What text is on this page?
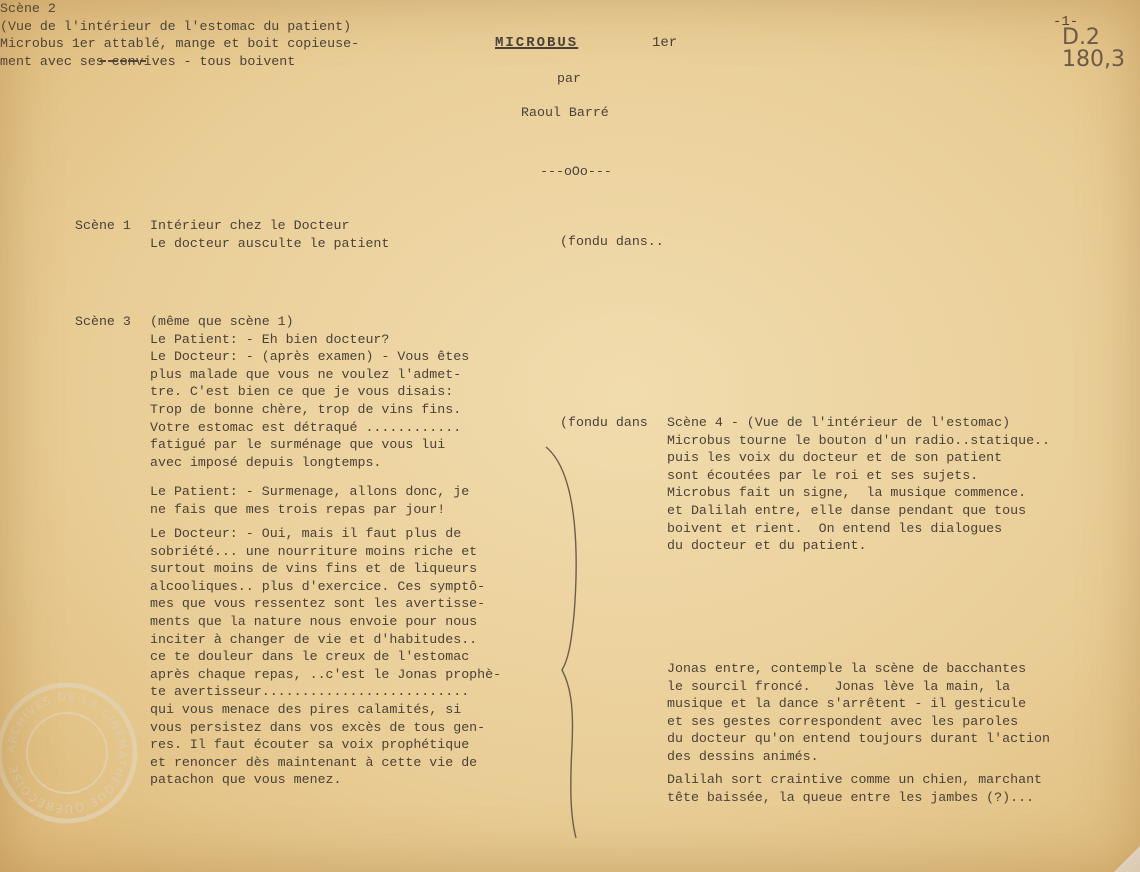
-1-
D.2
180,3
MICROBUS	1er
par
Raoul Barré
---oOo---
Scène 1 Intérieur chez le Docteur
Le docteur ausculte le patient	(fondu dans..
Scène 2
(Vue de l'intérieur de l'estomac du patient)
Microbus 1er attablé, mange et boit copieuse-
ment avec ses convives - tous boivent
Scène 3 (même que scène 1)
Le Patient: - Eh bien docteur?
Le Docteur: - (après examen) - Vous êtes
plus malade que vous ne voulez l'admet-
tre. C'est bien ce que je vous disais:
Trop de bonne chère, trop de vins fins.
Votre estomac est détraqué ............
fatigué par le surménage que vous lui
avec imposé depuis longtemps.
Le Patient: - Surmenage, allons donc, je
ne fais que mes trois repas par jour!
Le Docteur: - Oui, mais il faut plus de
sobriété... une nourriture moins riche et
surtout moins de vins fins et de liqueurs
alcooliques.. plus d'exercice. Ces symptô-
mes que vous ressentez sont les avertisse-
ments que la nature nous envoie pour nous
inciter à changer de vie et d'habitudes..
ce te douleur dans le creux de l'estomac
après chaque repas, ..c'est le Jonas prophè-
te avertisseur..........................
qui vous menace des pires calamités, si
vous persistez dans vos excès de tous gen-
res. Il faut écouter sa voix prophétique
et renoncer dès maintenant à cette vie de
patachon que vous menez.
(fondu dans Scène 4 - (Vue de l'intérieur de l'estomac)
Microbus tourne le bouton d'un radio..statique..
puis les voix du docteur et de son patient
sont écoutées par le roi et ses sujets.
Microbus fait un signe,  la musique commence.
et Dalilah entre, elle danse pendant que tous
boivent et rient.  On entend les dialogues
du docteur et du patient.
Jonas entre, contemple la scène de bacchantes
le sourcil froncé.   Jonas lève la main, la
musique et la dance s'arrêtent - il gesticule
et ses gestes correspondent avec les paroles
du docteur qu'on entend toujours durant l'action
des dessins animés.
Dalilah sort craintive comme un chien, marchant
tête baissée, la queue entre les jambes (?)...
ARCHIVES DE LA CINÉMATHÈQUE QUÉBÉCOISE
